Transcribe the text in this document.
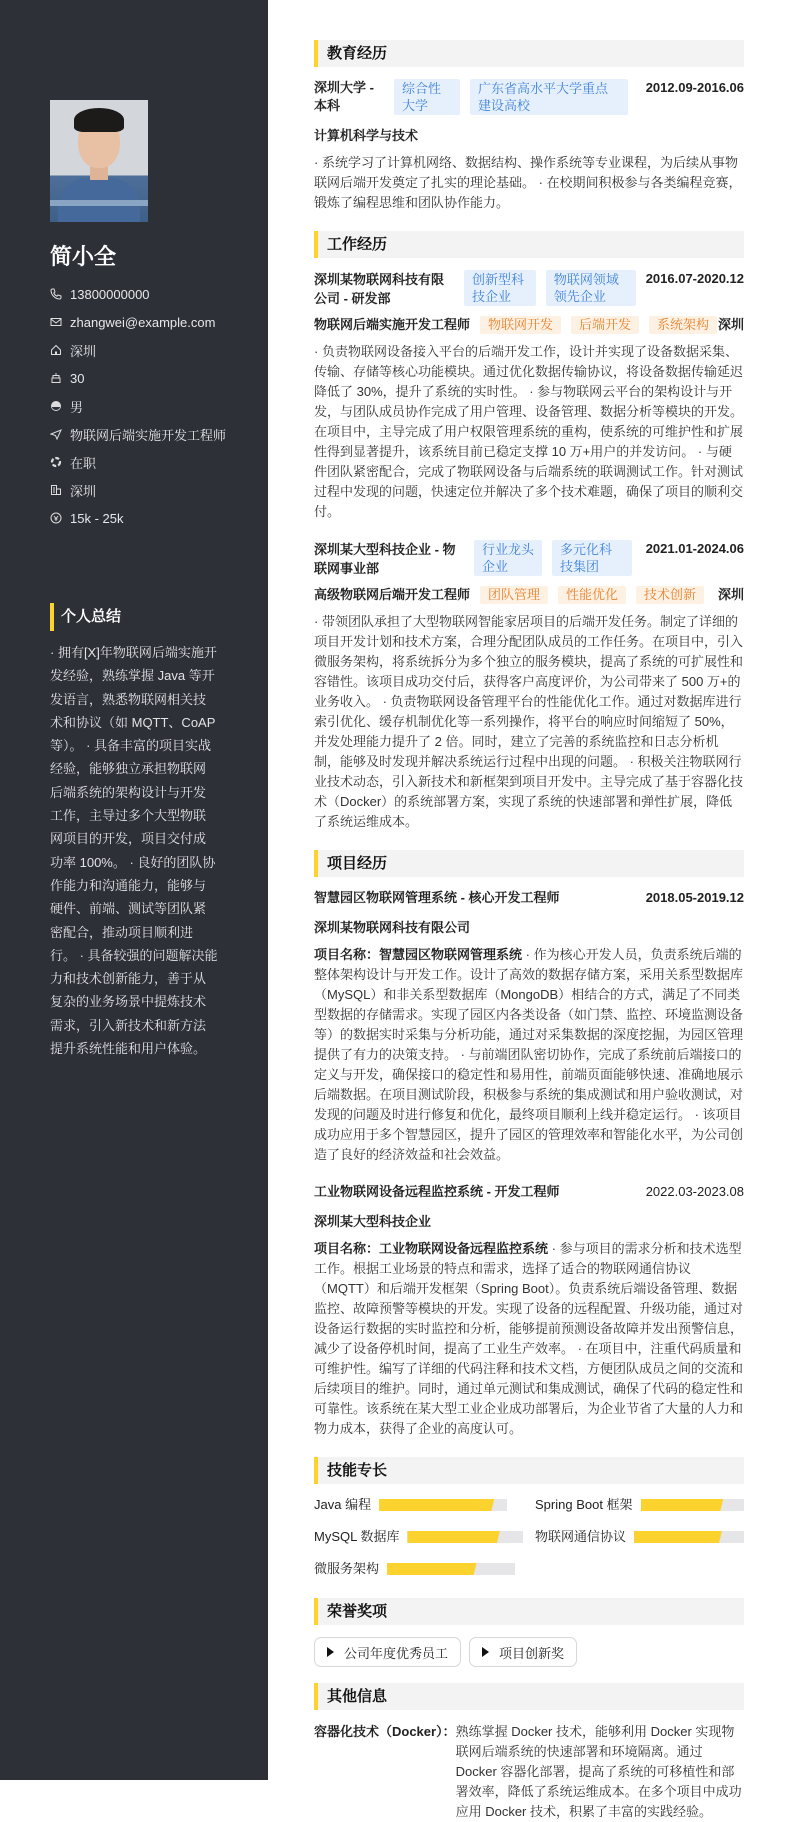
简小全
13800000000
zhangwei@example.com
深圳
30
男
物联网后端实施开发工程师
在职
深圳
15k - 25k
个人总结
· 拥有[X]年物联网后端实施开发经验，熟练掌握 Java 等开发语言，熟悉物联网相关技术和协议（如 MQTT、CoAP 等）。 · 具备丰富的项目实战经验，能够独立承担物联网后端系统的架构设计与开发工作，主导过多个大型物联网项目的开发，项目交付成功率 100%。 · 良好的团队协作能力和沟通能力，能够与硬件、前端、测试等团队紧密配合，推动项目顺利进行。 · 具备较强的问题解决能力和技术创新能力，善于从复杂的业务场景中提炼技术需求，引入新技术和新方法提升系统性能和用户体验。
教育经历
深圳大学 - 本科
综合性大学
广东省高水平大学重点建设高校
2012.09-2016.06
计算机科学与技术
· 系统学习了计算机网络、数据结构、操作系统等专业课程，为后续从事物联网后端开发奠定了扎实的理论基础。 · 在校期间积极参与各类编程竞赛，锻炼了编程思维和团队协作能力。
工作经历
深圳某物联网科技有限公司 - 研发部
创新型科技企业
物联网领域领先企业
2016.07-2020.12
物联网后端实施开发工程师	物联网开发	后端开发	系统架构 深圳
· 负责物联网设备接入平台的后端开发工作，设计并实现了设备数据采集、传输、存储等核心功能模块。通过优化数据传输协议，将设备数据传输延迟降低了 30%，提升了系统的实时性。 · 参与物联网云平台的架构设计与开发，与团队成员协作完成了用户管理、设备管理、数据分析等模块的开发。在项目中，主导完成了用户权限管理系统的重构，使系统的可维护性和扩展性得到显著提升，该系统目前已稳定支撑 10 万+用户的并发访问。 · 与硬件团队紧密配合，完成了物联网设备与后端系统的联调测试工作。针对测试过程中发现的问题，快速定位并解决了多个技术难题，确保了项目的顺利交付。
深圳某大型科技企业 - 物联网事业部
行业龙头企业
多元化科技集团
2021.01-2024.06
高级物联网后端开发工程师	团队管理	性能优化	技术创新	深圳
· 带领团队承担了大型物联网智能家居项目的后端开发任务。制定了详细的项目开发计划和技术方案，合理分配团队成员的工作任务。在项目中，引入微服务架构，将系统拆分为多个独立的服务模块，提高了系统的可扩展性和容错性。该项目成功交付后，获得客户高度评价，为公司带来了 500 万+的业务收入。 · 负责物联网设备管理平台的性能优化工作。通过对数据库进行索引优化、缓存机制优化等一系列操作，将平台的响应时间缩短了 50%，并发处理能力提升了 2 倍。同时，建立了完善的系统监控和日志分析机制，能够及时发现并解决系统运行过程中出现的问题。 · 积极关注物联网行业技术动态，引入新技术和新框架到项目开发中。主导完成了基于容器化技术（Docker）的系统部署方案，实现了系统的快速部署和弹性扩展，降低了系统运维成本。
项目经历
智慧园区物联网管理系统 - 核心开发工程师	2018.05-2019.12
深圳某物联网科技有限公司
项目名称：智慧园区物联网管理系统 · 作为核心开发人员，负责系统后端的整体架构设计与开发工作。设计了高效的数据存储方案，采用关系型数据库（MySQL）和非关系型数据库（MongoDB）相结合的方式，满足了不同类型数据的存储需求。实现了园区内各类设备（如门禁、监控、环境监测设备等）的数据实时采集与分析功能，通过对采集数据的深度挖掘，为园区管理提供了有力的决策支持。 · 与前端团队密切协作，完成了系统前后端接口的定义与开发，确保接口的稳定性和易用性，前端页面能够快速、准确地展示后端数据。在项目测试阶段，积极参与系统的集成测试和用户验收测试，对发现的问题及时进行修复和优化，最终项目顺利上线并稳定运行。 · 该项目成功应用于多个智慧园区，提升了园区的管理效率和智能化水平，为公司创造了良好的经济效益和社会效益。
工业物联网设备远程监控系统 - 开发工程师	2022.03-2023.08
深圳某大型科技企业
项目名称：工业物联网设备远程监控系统 · 参与项目的需求分析和技术选型工作。根据工业场景的特点和需求，选择了适合的物联网通信协议（MQTT）和后端开发框架（Spring Boot）。负责系统后端设备管理、数据监控、故障预警等模块的开发。实现了设备的远程配置、升级功能，通过对设备运行数据的实时监控和分析，能够提前预测设备故障并发出预警信息，减少了设备停机时间，提高了工业生产效率。 · 在项目中，注重代码质量和可维护性。编写了详细的代码注释和技术文档，方便团队成员之间的交流和后续项目的维护。同时，通过单元测试和集成测试，确保了代码的稳定性和可靠性。该系统在某大型工业企业成功部署后，为企业节省了大量的人力和物力成本，获得了企业的高度认可。
技能专长
Java 编程	Spring Boot 框架
MySQL 数据库	物联网通信协议
微服务架构
荣誉奖项
公司年度优秀员工	项目创新奖
其他信息
容器化技术（Docker）： 熟练掌握 Docker 技术，能够利用 Docker 实现物联网后端系统的快速部署和环境隔离。通过 Docker 容器化部署，提高了系统的可移植性和部署效率，降低了系统运维成本。在多个项目中成功应用 Docker 技术，积累了丰富的实践经验。
